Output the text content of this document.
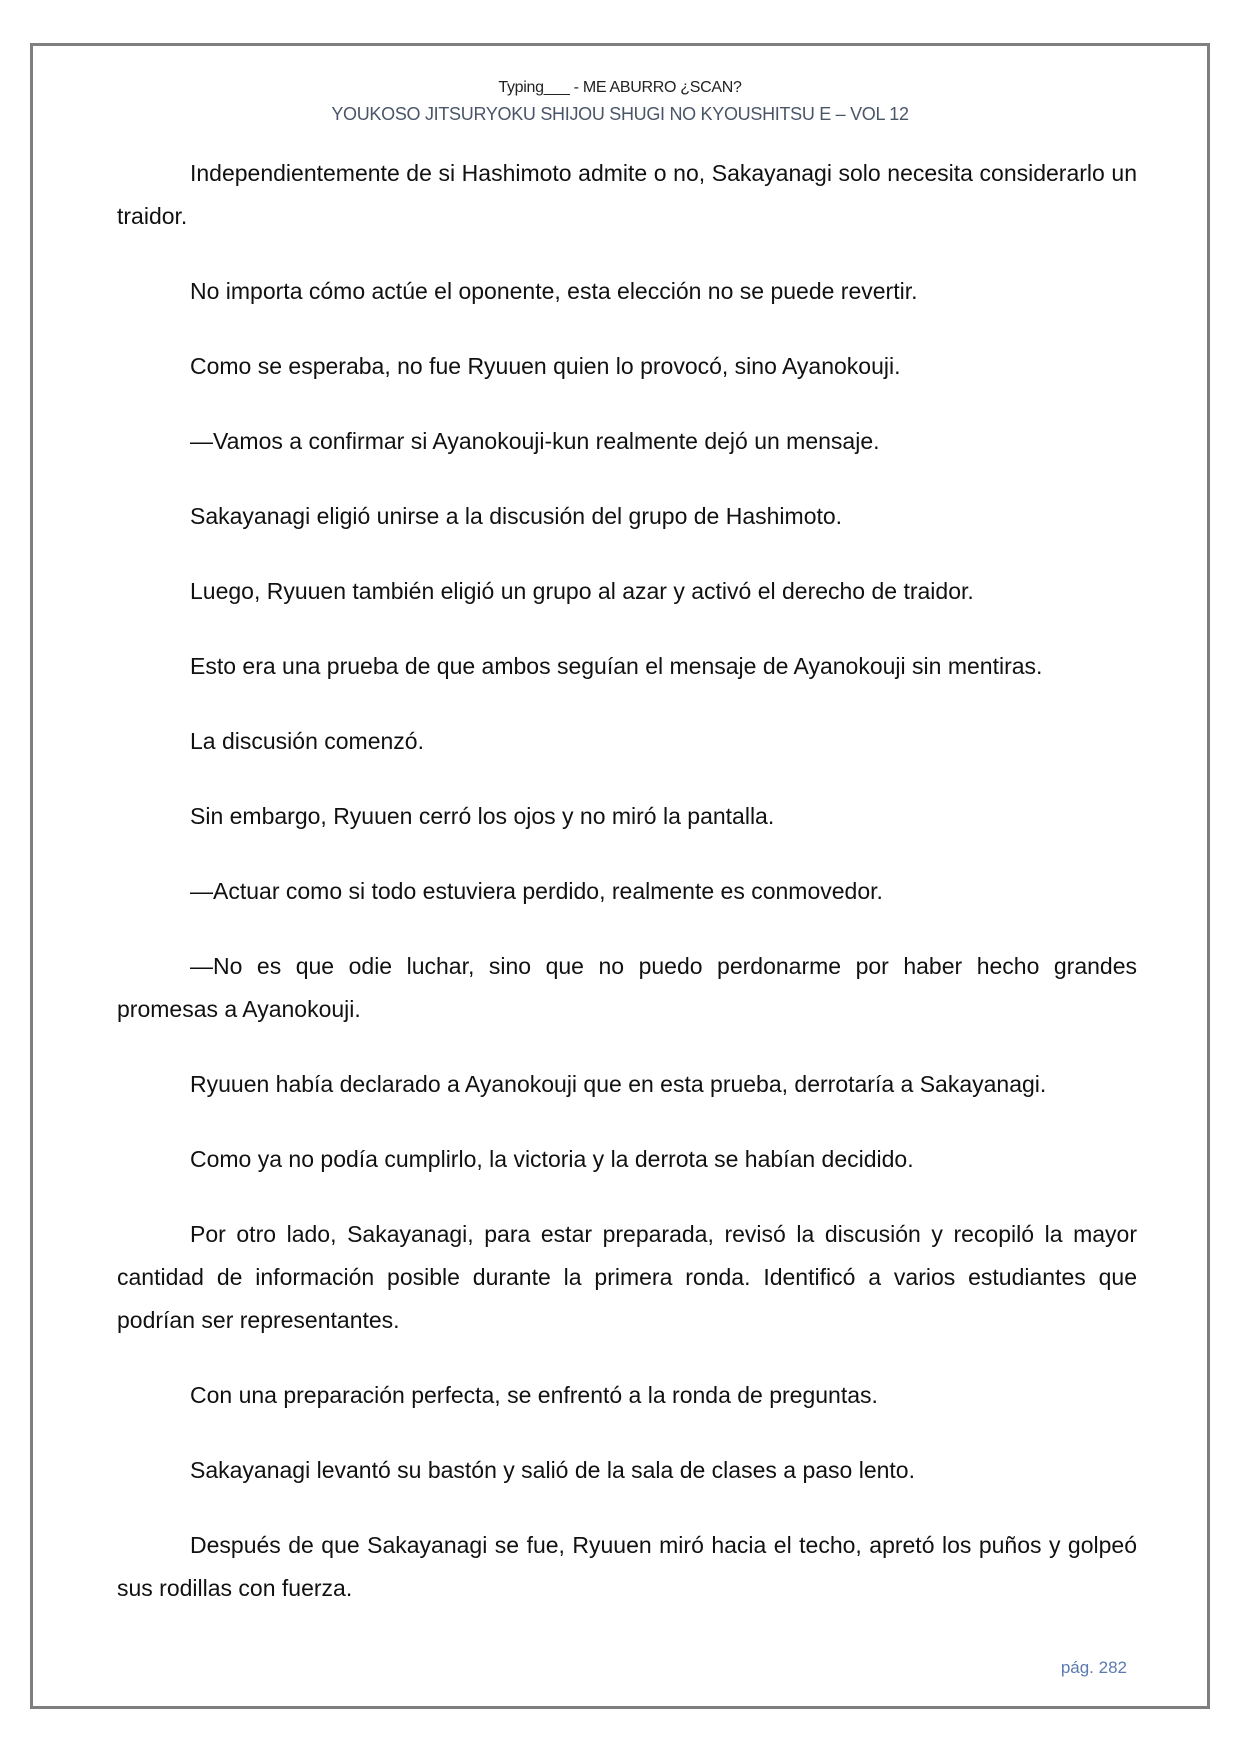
Typing___ - ME ABURRO ¿SCAN?
YOUKOSO JITSURYOKU SHIJOU SHUGI NO KYOUSHITSU E – VOL 12

Independientemente de si Hashimoto admite o no, Sakayanagi solo necesita considerarlo un traidor.

No importa cómo actúe el oponente, esta elección no se puede revertir.

Como se esperaba, no fue Ryuuen quien lo provocó, sino Ayanokouji.

—Vamos a confirmar si Ayanokouji-kun realmente dejó un mensaje.

Sakayanagi eligió unirse a la discusión del grupo de Hashimoto.

Luego, Ryuuen también eligió un grupo al azar y activó el derecho de traidor.

Esto era una prueba de que ambos seguían el mensaje de Ayanokouji sin mentiras.

La discusión comenzó.

Sin embargo, Ryuuen cerró los ojos y no miró la pantalla.

—Actuar como si todo estuviera perdido, realmente es conmovedor.

—No es que odie luchar, sino que no puedo perdonarme por haber hecho grandes promesas a Ayanokouji.

Ryuuen había declarado a Ayanokouji que en esta prueba, derrotaría a Sakayanagi.

Como ya no podía cumplirlo, la victoria y la derrota se habían decidido.

Por otro lado, Sakayanagi, para estar preparada, revisó la discusión y recopiló la mayor cantidad de información posible durante la primera ronda. Identificó a varios estudiantes que podrían ser representantes.

Con una preparación perfecta, se enfrentó a la ronda de preguntas.

Sakayanagi levantó su bastón y salió de la sala de clases a paso lento.

Después de que Sakayanagi se fue, Ryuuen miró hacia el techo, apretó los puños y golpeó sus rodillas con fuerza.

pág. 282
